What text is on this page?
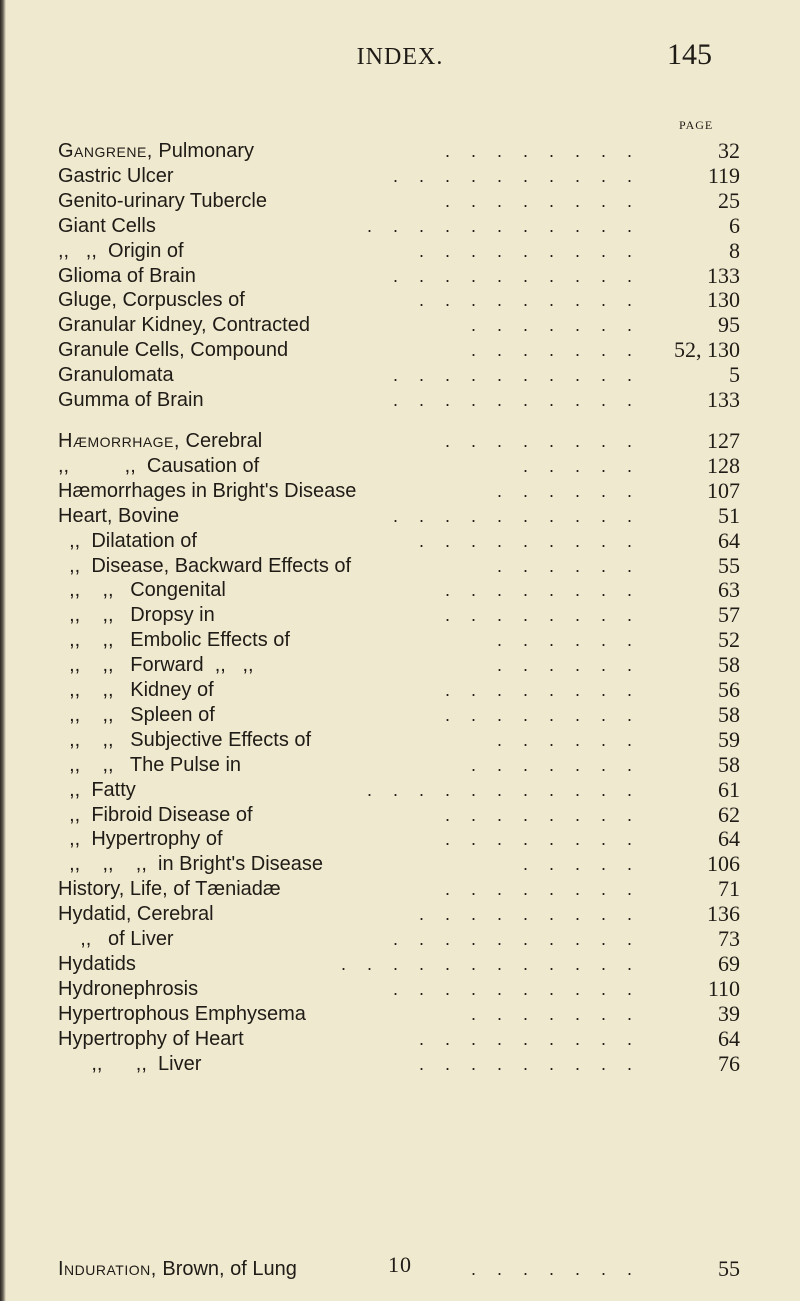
INDEX.	145
PAGE
Gangrene, Pulmonary	. . . . . . . .	32
Gastric Ulcer	. . . . . . . . . .	119
Genito-urinary Tubercle	. . . . . . . .	25
Giant Cells	. . . . . . . . . . .	6
,,   ,,  Origin of	. . . . . . . . .	8
Glioma of Brain	. . . . . . . . . .	133
Gluge, Corpuscles of	. . . . . . . . .	130
Granular Kidney, Contracted	. . . . . . .	95
Granule Cells, Compound	. . . . . . .	52, 130
Granulomata	. . . . . . . . . .	5
Gumma of Brain	. . . . . . . . . .	133
Hæmorrhage, Cerebral	. . . . . . . .	127
,,          ,,  Causation of	. . . . .	128
Hæmorrhages in Bright's Disease	. . . . . .	107
Heart, Bovine	. . . . . . . . . .	51
,,  Dilatation of	. . . . . . . . .	64
,,  Disease, Backward Effects of	. . . . . .	55
,,    ,,   Congenital	. . . . . . . .	63
,,    ,,   Dropsy in	. . . . . . . .	57
,,    ,,   Embolic Effects of	. . . . . .	52
,,    ,,   Forward  ,,   ,,	. . . . . .	58
,,    ,,   Kidney of	. . . . . . . .	56
,,    ,,   Spleen of	. . . . . . . .	58
,,    ,,   Subjective Effects of	. . . . . .	59
,,    ,,   The Pulse in	. . . . . . .	58
,,  Fatty	. . . . . . . . . . .	61
,,  Fibroid Disease of	. . . . . . . .	62
,,  Hypertrophy of	. . . . . . . .	64
,,    ,,    ,,  in Bright's Disease	. . . . .	106
History, Life, of Tæniadæ	. . . . . . . .	71
Hydatid, Cerebral	. . . . . . . . .	136
,,   of Liver	. . . . . . . . . .	73
Hydatids	. . . . . . . . . . . .	69
Hydronephrosis	. . . . . . . . . .	110
Hypertrophous Emphysema	. . . . . . .	39
Hypertrophy of Heart	. . . . . . . . .	64
,,      ,,  Liver	. . . . . . . . .	76
Induration, Brown, of Lung	. . . . . . .	55
10
